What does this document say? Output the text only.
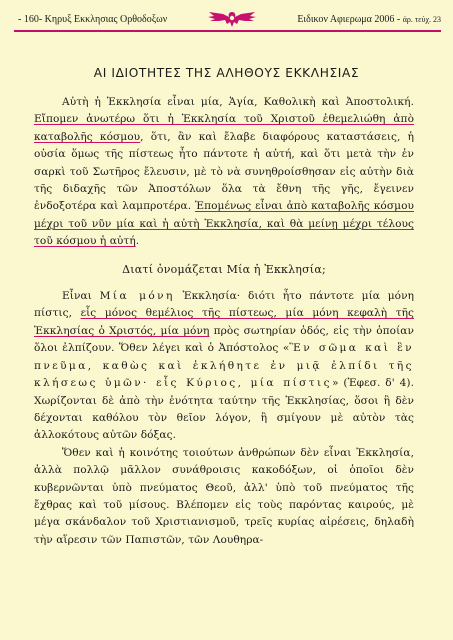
- 160- Κηρυξ Εκκλησιας Ορθοδοξων	Ειδικον Αφιερωμα 2006 - άρ. τεύχ. 23
ΑΙ ΙΔΙΟΤΗΤΕΣ ΤΗΣ ΑΛΗΘΟΥΣ ΕΚΚΛΗΣΙΑΣ

Αὐτὴ ἡ Ἐκκλησία εἶναι μία, Ἁγία, Καθολικὴ καὶ Ἀποστολική. Εἴπομεν ἀνωτέρω ὅτι ἡ Ἐκκλησία τοῦ Χριστοῦ ἐθεμελιώθη ἀπὸ καταβολῆς κόσμου, ὅτι, ἂν καὶ ἔλαβε διαφόρους καταστάσεις, ἡ οὐσία ὅμως τῆς πίστεως ἦτο πάντοτε ἡ αὐτή, καὶ ὅτι μετὰ τὴν ἐν σαρκὶ τοῦ Σωτῆρος ἔλευσιν, μὲ τὸ νὰ συνηθροίσθησαν εἰς αὐτὴν διὰ τῆς διδαχῆς τῶν Ἀποστόλων ὅλα τὰ ἔθνη τῆς γῆς, ἔγεινεν ἐνδοξοτέρα καὶ λαμπροτέρα. Ἐπομένως εἶναι ἀπὸ καταβολῆς κόσμου μέχρι τοῦ νῦν μία καὶ ἡ αὐτὴ Ἐκκλησία, καὶ θὰ μείνῃ μέχρι τέλους τοῦ κόσμου ἡ αὐτή.

Διατί ὀνομάζεται Μία ἡ Ἐκκλησία;

Εἶναι Μία μόνη Ἐκκλησία· διότι ἦτο πάντοτε μία μόνη πίστις, εἷς μόνος θεμέλιος τῆς πίστεως, μία μόνη κεφαλὴ τῆς Ἐκκλησίας ὁ Χριστός, μία μόνη πρὸς σωτηρίαν ὁδός, εἰς τὴν ὁποίαν ὅλοι ἐλπίζουν. Ὅθεν λέγει καὶ ὁ Ἀπόστολος «Ἓν σῶμα καὶ ἓν πνεῦμα, καθὼς καὶ ἐκλήθητε ἐν μιᾷ ἐλπίδι τῆς κλήσεως ὑμῶν· εἷς Κύριος, μία πίστις» (Ἐφεσ. δ' 4). Χωρίζονται δὲ ἀπὸ τὴν ἑνότητα ταύτην τῆς Ἐκκλησίας, ὅσοι ἢ δὲν δέχονται καθόλου τὸν θεῖον λόγον, ἢ σμίγουν μὲ αὐτὸν τὰς ἀλλοκότους αὐτῶν δόξας.

Ὅθεν καὶ ἡ κοινότης τοιούτων ἀνθρώπων δὲν εἶναι Ἐκκλησία, ἀλλὰ πολλῷ μᾶλλον συνάθροισις κακοδόξων, οἱ ὁποῖοι δὲν κυβερνῶνται ὑπὸ πνεύματος Θεοῦ, ἀλλ' ὑπὸ τοῦ πνεύματος τῆς ἔχθρας καὶ τοῦ μίσους. Βλέπομεν εἰς τοὺς παρόντας καιρούς, μὲ μέγα σκάνδαλον τοῦ Χριστιανισμοῦ, τρεῖς κυρίας αἱρέσεις, δηλαδὴ τὴν αἵρεσιν τῶν Παπιστῶν, τῶν Λουθηρα-
